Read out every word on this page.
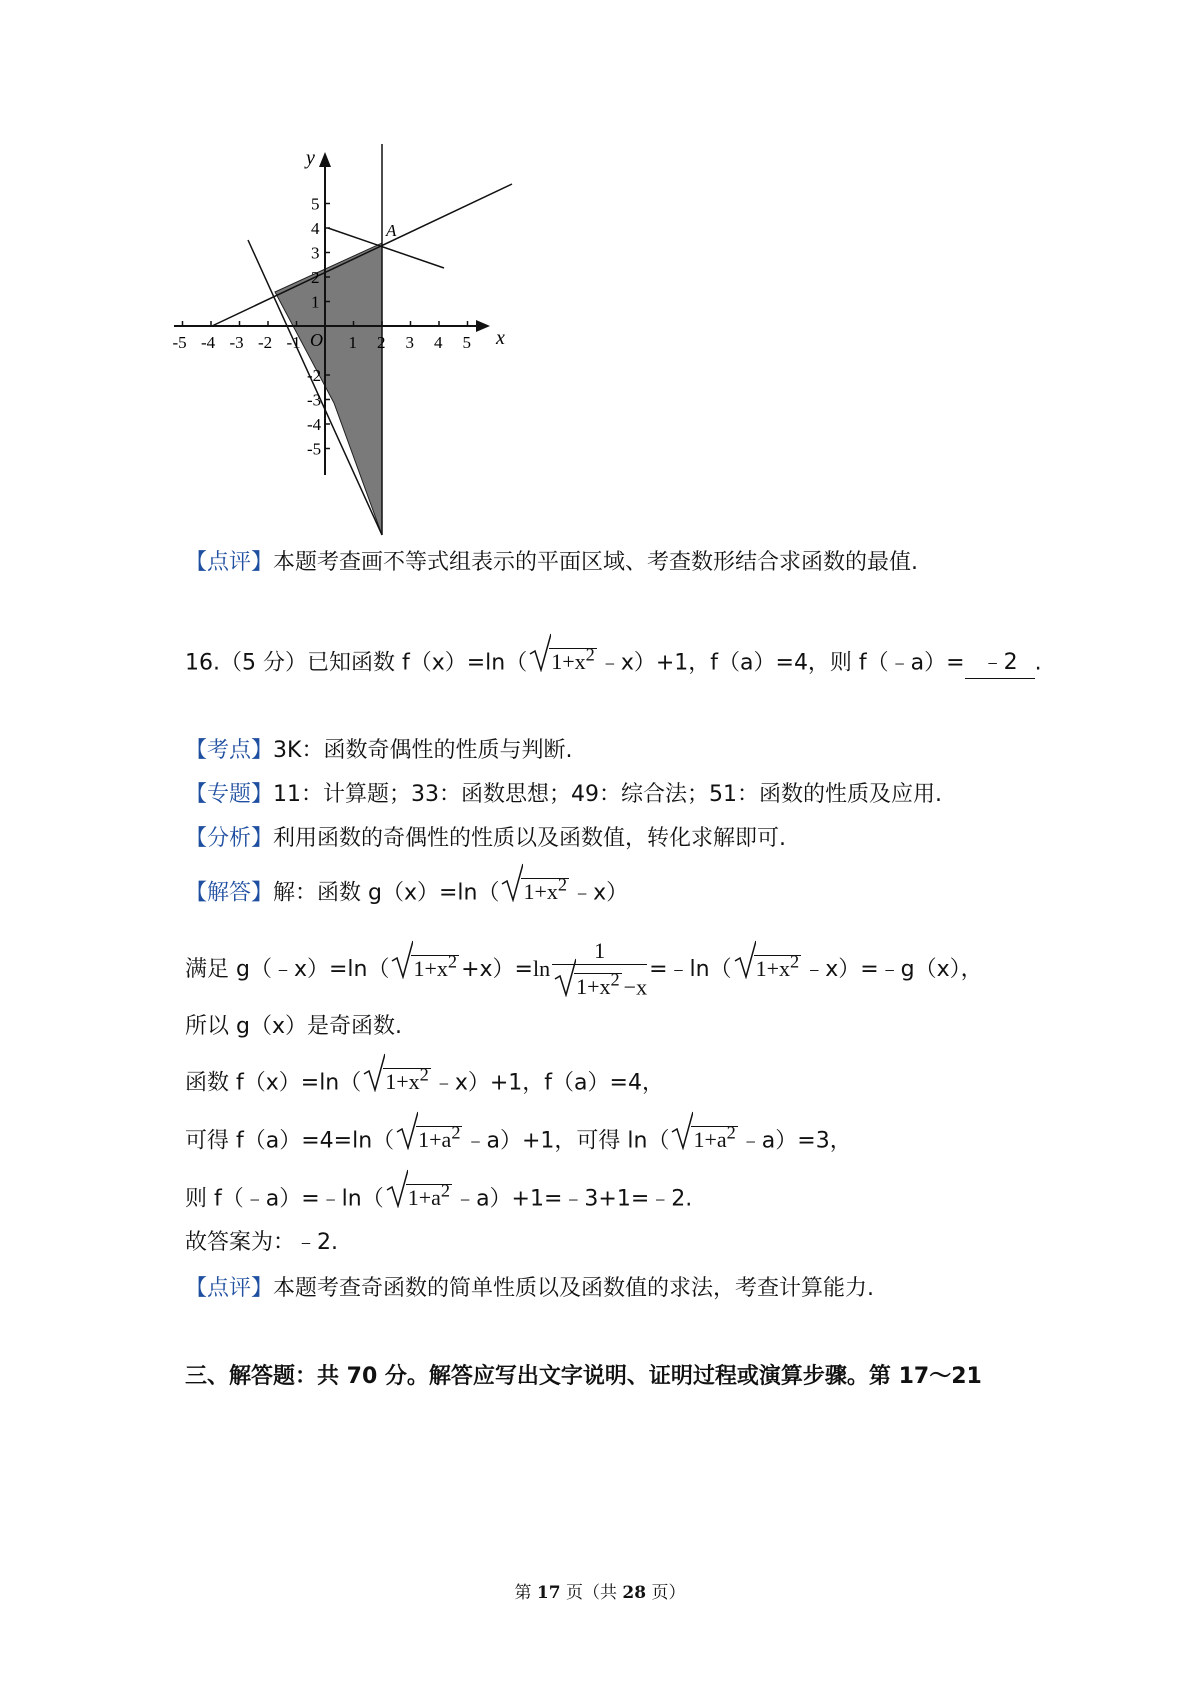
-5 -4 -3 -2 -1	1 2 3 4 5
5
4
3
2
1
-2
-3
-4
-5
x
y
O
A
【点评】本题考查画不等式组表示的平面区域、考查数形结合求函数的最值.
16.（5 分）已知函数 f（x）=ln（ $1+x^2$ ﹣x）+1，f（a）=4，则 f（﹣a）= ﹣2 .
【考点】3K：函数奇偶性的性质与判断.
【专题】11：计算题；33：函数思想；49：综合法；51：函数的性质及应用.
【分析】利用函数的奇偶性的性质以及函数值，转化求解即可.
【解答】解：函数 g（x）=ln（ $1+x^2$ ﹣x）
满足 g（﹣x）=ln（ $1+x^2 +x)=\ln \frac{1}{1+x^2 -x}$ =﹣ln（ $1+x^2$ ﹣x）=﹣g（x），
所以 g（x）是奇函数.
函数 f（x）=ln（ $1+x^2$ ﹣x）+1，f（a）=4，
可得 f（a）=4=ln（ $1+a^2$ ﹣a）+1，可得 ln（ $1+a^2$ ﹣a）=3，
则 f（﹣a）=﹣ln（ $1+a^2$ ﹣a）+1=﹣3+1=﹣2.
故答案为：﹣2.
【点评】本题考查奇函数的简单性质以及函数值的求法，考查计算能力.
三、解答题：共 70 分。解答应写出文字说明、证明过程或演算步骤。第 17～21
第 17 页（共 28 页）
